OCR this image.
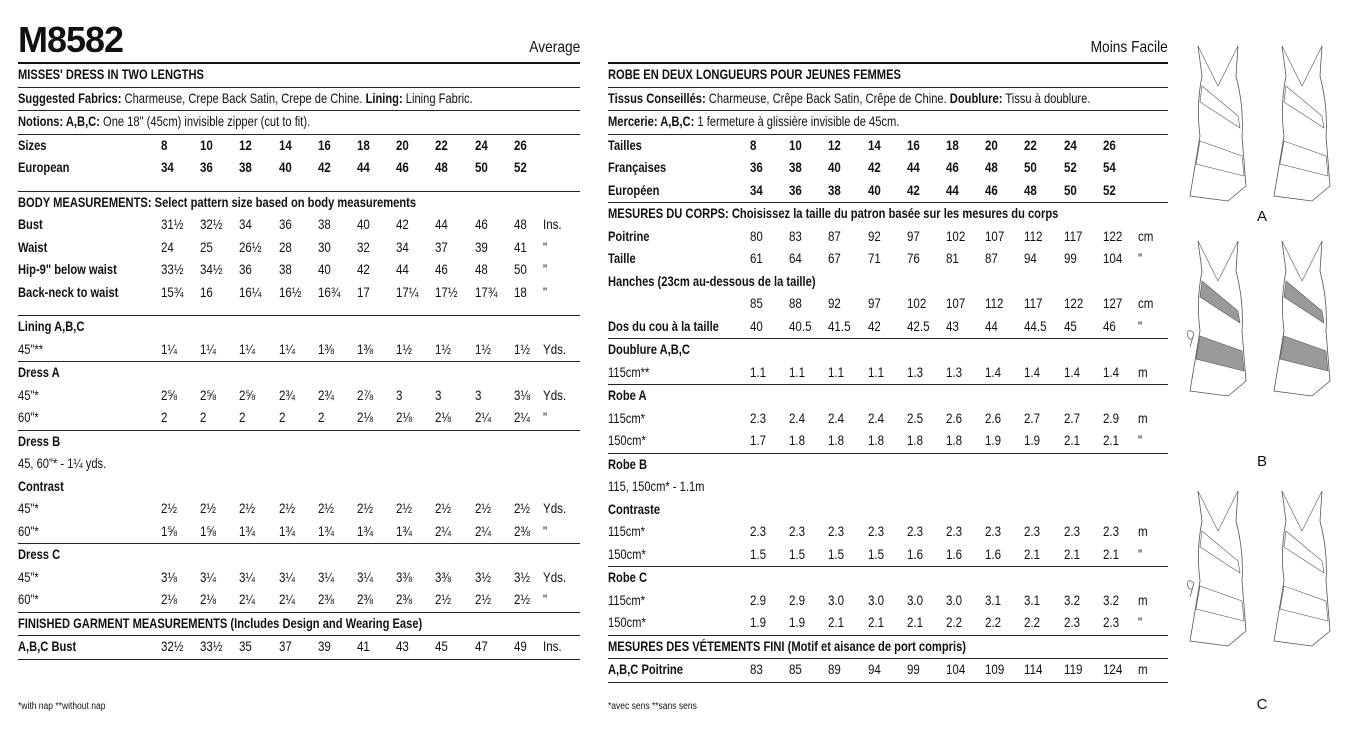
M8582	Average	Moins Facile
MISSES' DRESS IN TWO LENGTHS
Suggested Fabrics: Charmeuse, Crepe Back Satin, Crepe de Chine. Lining: Lining Fabric.
Notions: A,B,C: One 18" (45cm) invisible zipper (cut to fit).
Sizes	8	10	12	14	16	18	20	22	24	26
European	34	36	38	40	42	44	46	48	50	52
BODY MEASUREMENTS: Select pattern size based on body measurements
Bust	31½	32½	34	36	38	40	42	44	46	48	Ins.
Waist	24	25	26½	28	30	32	34	37	39	41	"
Hip-9" below waist	33½	34½	36	38	40	42	44	46	48	50	"
Back-neck to waist	15¾	16	16¼	16½	16¾	17	17¼	17½	17¾	18	"
Lining A,B,C
45"**	1¼	1¼	1¼	1¼	1⅜	1⅜	1½	1½	1½	1½ Yds.
Dress A
45"*	2⅝	2⅝	2⅝	2¾	2¾	2⅞	3	3	3	3⅛ Yds.
60"*	2	2	2	2	2	2⅛	2⅛	2⅛	2¼	2¼ "
Dress B
45, 60"* - 1¼ yds.
Contrast
45"*	2½	2½	2½	2½	2½	2½	2½	2½	2½	2½ Yds.
60"*	1⅝	1⅝	1¾	1¾	1¾	1¾	1¾	2¼	2¼	2⅜ "
Dress C
45"*	3⅛	3¼	3¼	3¼	3¼	3¼	3⅜	3⅜	3½	3½ Yds.
60"*	2⅛	2⅛	2¼	2¼	2⅜	2⅜	2⅜	2½	2½	2½ "
FINISHED GARMENT MEASUREMENTS (Includes Design and Wearing Ease)
A,B,C Bust	32½	33½	35	37	39	41	43	45	47	49	Ins.
ROBE EN DEUX LONGUEURS POUR JEUNES FEMMES
Tissus Conseillés: Charmeuse, Crêpe Back Satin, Crêpe de Chine. Doublure: Tissu à doublure.
Mercerie: A,B,C: 1 fermeture à glissière invisible de 45cm.
Tailles	8	10	12	14	16	18	20	22	24	26
Françaises	36	38	40	42	44	46	48	50	52	54
Européen	34	36	38	40	42	44	46	48	50	52
MESURES DU CORPS: Choisissez la taille du patron basée sur les mesures du corps
Poitrine	80	83	87	92	97	102	107	112	117	122	cm
Taille	61	64	67	71	76	81	87	94	99	104	"
Hanches (23cm au-dessous de la taille)
85	88	92	97	102	107	112	117	122	127	cm
Dos du cou à la taille 40	40.5	41.5	42	42.5	43	44	44.5	45	46	"
Doublure A,B,C
115cm**	1.1	1.1	1.1	1.1	1.3	1.3	1.4	1.4	1.4	1.4	m
Robe A
115cm*	2.3	2.4	2.4	2.4	2.5	2.6	2.6	2.7	2.7	2.9	m
150cm*	1.7	1.8	1.8	1.8	1.8	1.8	1.9	1.9	2.1	2.1	"
Robe B
115, 150cm* - 1.1m
Contraste
115cm*	2.3	2.3	2.3	2.3	2.3	2.3	2.3	2.3	2.3	2.3	m
150cm*	1.5	1.5	1.5	1.5	1.6	1.6	1.6	2.1	2.1	2.1	"
Robe C
115cm*	2.9	2.9	3.0	3.0	3.0	3.0	3.1	3.1	3.2	3.2	m
150cm*	1.9	1.9	2.1	2.1	2.1	2.2	2.2	2.2	2.3	2.3	"
MESURES DES VÉTEMENTS FINI (Motif et aisance de port compris)
A,B,C Poitrine	83	85	89	94	99	104	109	114	119	124	m
*with nap **without nap	*avec sens **sans sens
A
B
C
